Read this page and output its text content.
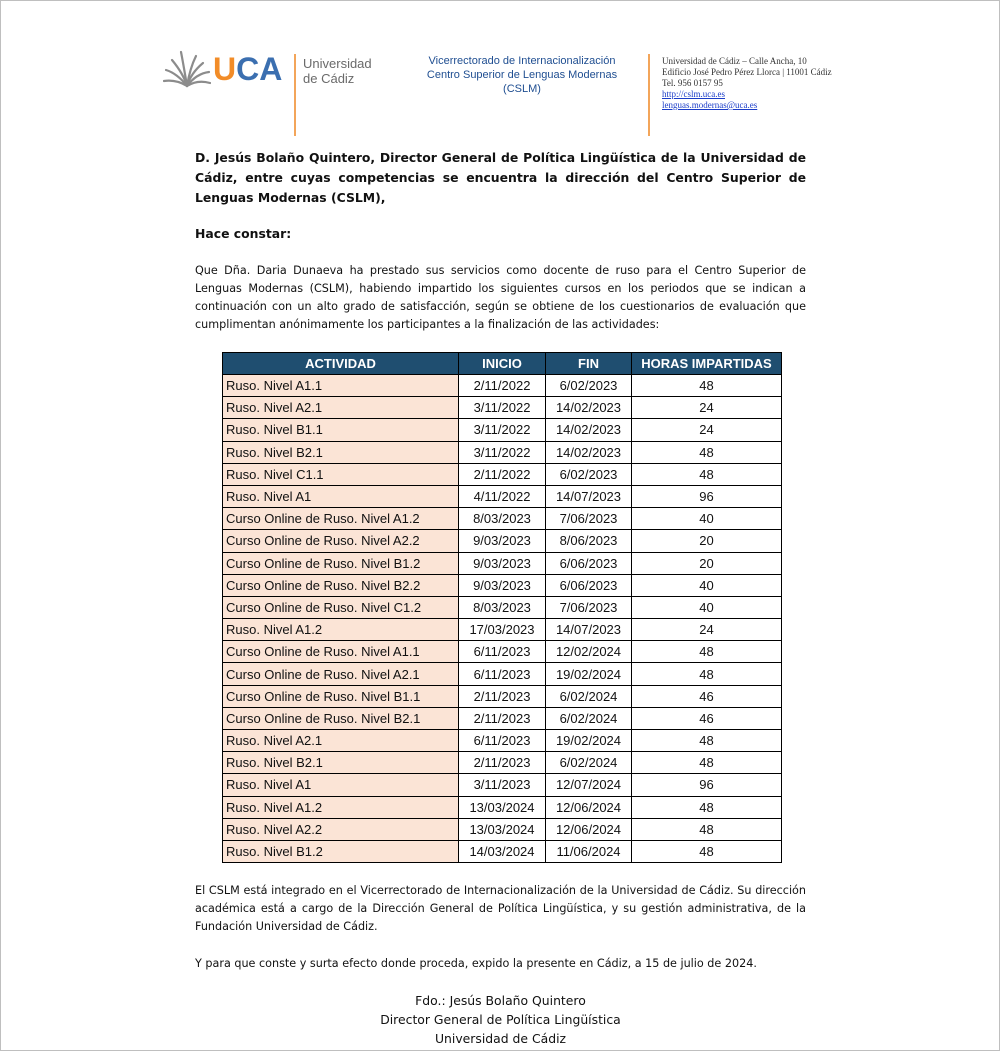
UCA Universidad
de Cádiz
Vicerrectorado de Internacionalización
Centro Superior de Lenguas Modernas
(CSLM)
Universidad de Cádiz – Calle Ancha, 10
Edificio José Pedro Pérez Llorca | 11001 Cádiz
Tel. 956 0157 95
http://cslm.uca.es
lenguas.modernas@uca.es
D. Jesús Bolaño Quintero, Director General de Política Lingüística de la Universidad de Cádiz, entre cuyas competencias se encuentra la dirección del Centro Superior de Lenguas Modernas (CSLM),
Hace constar:
Que Dña. Daria Dunaeva ha prestado sus servicios como docente de ruso para el Centro Superior de Lenguas Modernas (CSLM), habiendo impartido los siguientes cursos en los periodos que se indican a continuación con un alto grado de satisfacción, según se obtiene de los cuestionarios de evaluación que cumplimentan anónimamente los participantes a la finalización de las actividades:
ACTIVIDAD	INICIO	FIN	HORAS IMPARTIDAS
Ruso. Nivel A1.1	2/11/2022	6/02/2023	48
Ruso. Nivel A2.1	3/11/2022	14/02/2023	24
Ruso. Nivel B1.1	3/11/2022	14/02/2023	24
Ruso. Nivel B2.1	3/11/2022	14/02/2023	48
Ruso. Nivel C1.1	2/11/2022	6/02/2023	48
Ruso. Nivel A1	4/11/2022	14/07/2023	96
Curso Online de Ruso. Nivel A1.2	8/03/2023	7/06/2023	40
Curso Online de Ruso. Nivel A2.2	9/03/2023	8/06/2023	20
Curso Online de Ruso. Nivel B1.2	9/03/2023	6/06/2023	20
Curso Online de Ruso. Nivel B2.2	9/03/2023	6/06/2023	40
Curso Online de Ruso. Nivel C1.2	8/03/2023	7/06/2023	40
Ruso. Nivel A1.2	17/03/2023	14/07/2023	24
Curso Online de Ruso. Nivel A1.1	6/11/2023	12/02/2024	48
Curso Online de Ruso. Nivel A2.1	6/11/2023	19/02/2024	48
Curso Online de Ruso. Nivel B1.1	2/11/2023	6/02/2024	46
Curso Online de Ruso. Nivel B2.1	2/11/2023	6/02/2024	46
Ruso. Nivel A2.1	6/11/2023	19/02/2024	48
Ruso. Nivel B2.1	2/11/2023	6/02/2024	48
Ruso. Nivel A1	3/11/2023	12/07/2024	96
Ruso. Nivel A1.2	13/03/2024	12/06/2024	48
Ruso. Nivel A2.2	13/03/2024	12/06/2024	48
Ruso. Nivel B1.2	14/03/2024	11/06/2024	48
El CSLM está integrado en el Vicerrectorado de Internacionalización de la Universidad de Cádiz. Su dirección académica está a cargo de la Dirección General de Política Lingüística, y su gestión administrativa, de la Fundación Universidad de Cádiz.
Y para que conste y surta efecto donde proceda, expido la presente en Cádiz, a 15 de julio de 2024.
Fdo.: Jesús Bolaño Quintero
Director General de Política Lingüística
Universidad de Cádiz
